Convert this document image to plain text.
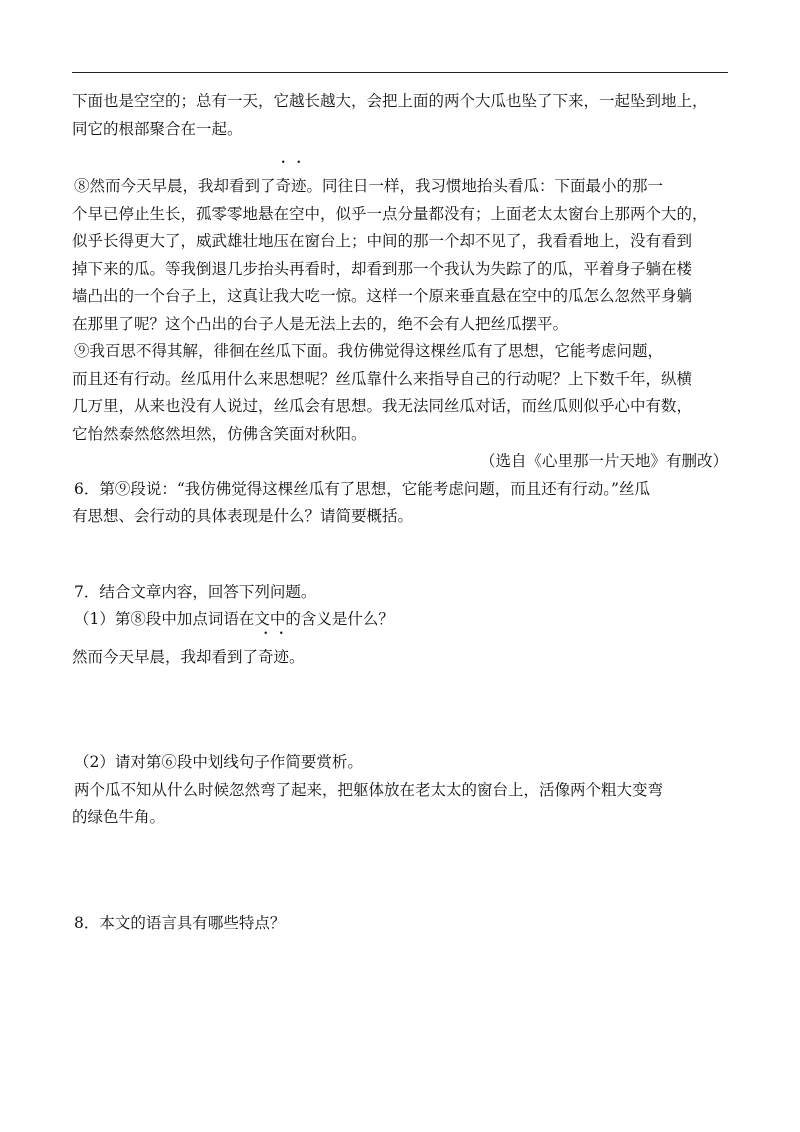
下面也是空空的；总有一天，它越长越大，会把上面的两个大瓜也坠了下来，一起坠到地上，
同它的根部聚合在一起。
⑧然而今天早晨，我却看到了奇迹。同往日一样，我习惯地抬头看瓜：下面最小的那一
个早已停止生长，孤零零地悬在空中，似乎一点分量都没有；上面老太太窗台上那两个大的，
似乎长得更大了，威武雄壮地压在窗台上；中间的那一个却不见了，我看看地上，没有看到
掉下来的瓜。等我倒退几步抬头再看时，却看到那一个我认为失踪了的瓜，平着身子躺在楼
墙凸出的一个台子上，这真让我大吃一惊。这样一个原来垂直悬在空中的瓜怎么忽然平身躺
在那里了呢？这个凸出的台子人是无法上去的，绝不会有人把丝瓜摆平。
⑨我百思不得其解，徘徊在丝瓜下面。我仿佛觉得这棵丝瓜有了思想，它能考虑问题，
而且还有行动。丝瓜用什么来思想呢？丝瓜靠什么来指导自己的行动呢？上下数千年，纵横
几万里，从来也没有人说过，丝瓜会有思想。我无法同丝瓜对话，而丝瓜则似乎心中有数，
它怡然泰然悠然坦然，仿佛含笑面对秋阳。
（选自《心里那一片天地》有删改）
6．第⑨段说：“我仿佛觉得这棵丝瓜有了思想，它能考虑问题，而且还有行动。”丝瓜
有思想、会行动的具体表现是什么？请简要概括。
7．结合文章内容，回答下列问题。
（1）第⑧段中加点词语在文中的含义是什么？
然而今天早晨，我却看到了奇迹。
（2）请对第⑥段中划线句子作简要赏析。
两个瓜不知从什么时候忽然弯了起来，把躯体放在老太太的窗台上，活像两个粗大变弯
的绿色牛角。
8．本文的语言具有哪些特点？
